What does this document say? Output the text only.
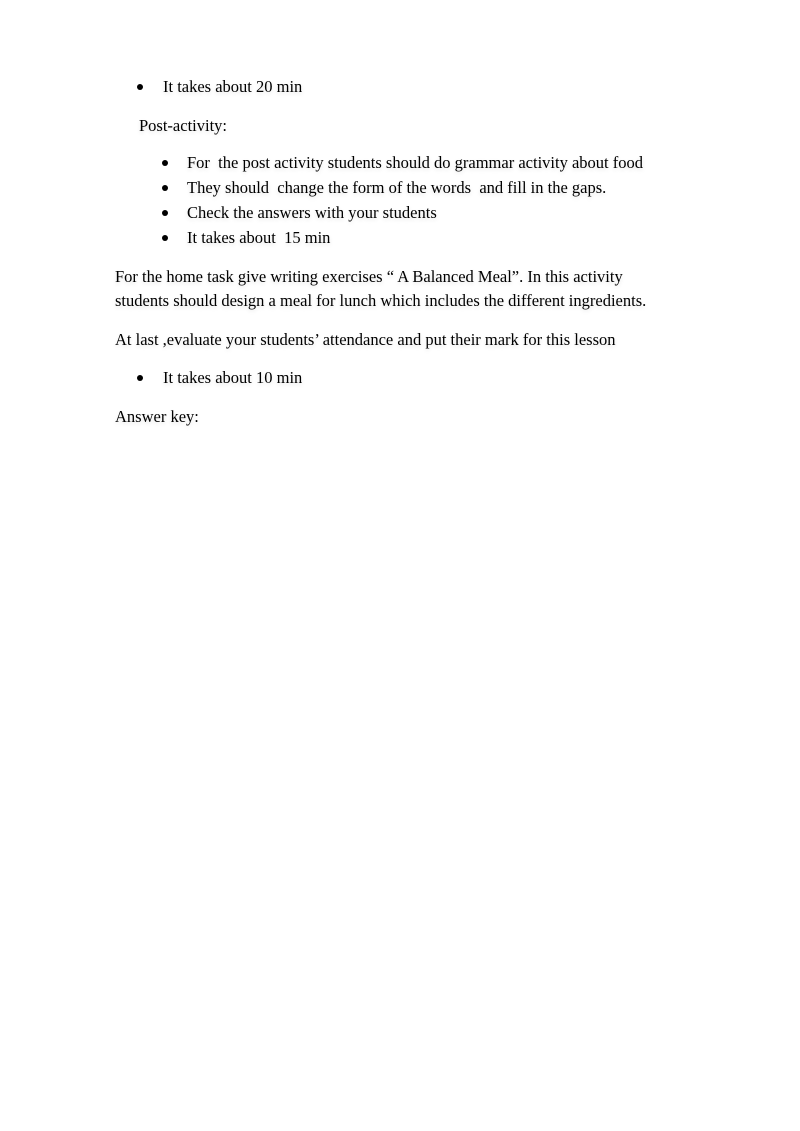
It takes about 20 min
Post-activity:
For  the post activity students should do grammar activity about food
They should  change the form of the words  and fill in the gaps.
Check the answers with your students
It takes about  15 min
For the home task give writing exercises “ A Balanced Meal”. In this activity
students should design a meal for lunch which includes the different ingredients.
At last ,evaluate your students’ attendance and put their mark for this lesson
It takes about 10 min
Answer key:
